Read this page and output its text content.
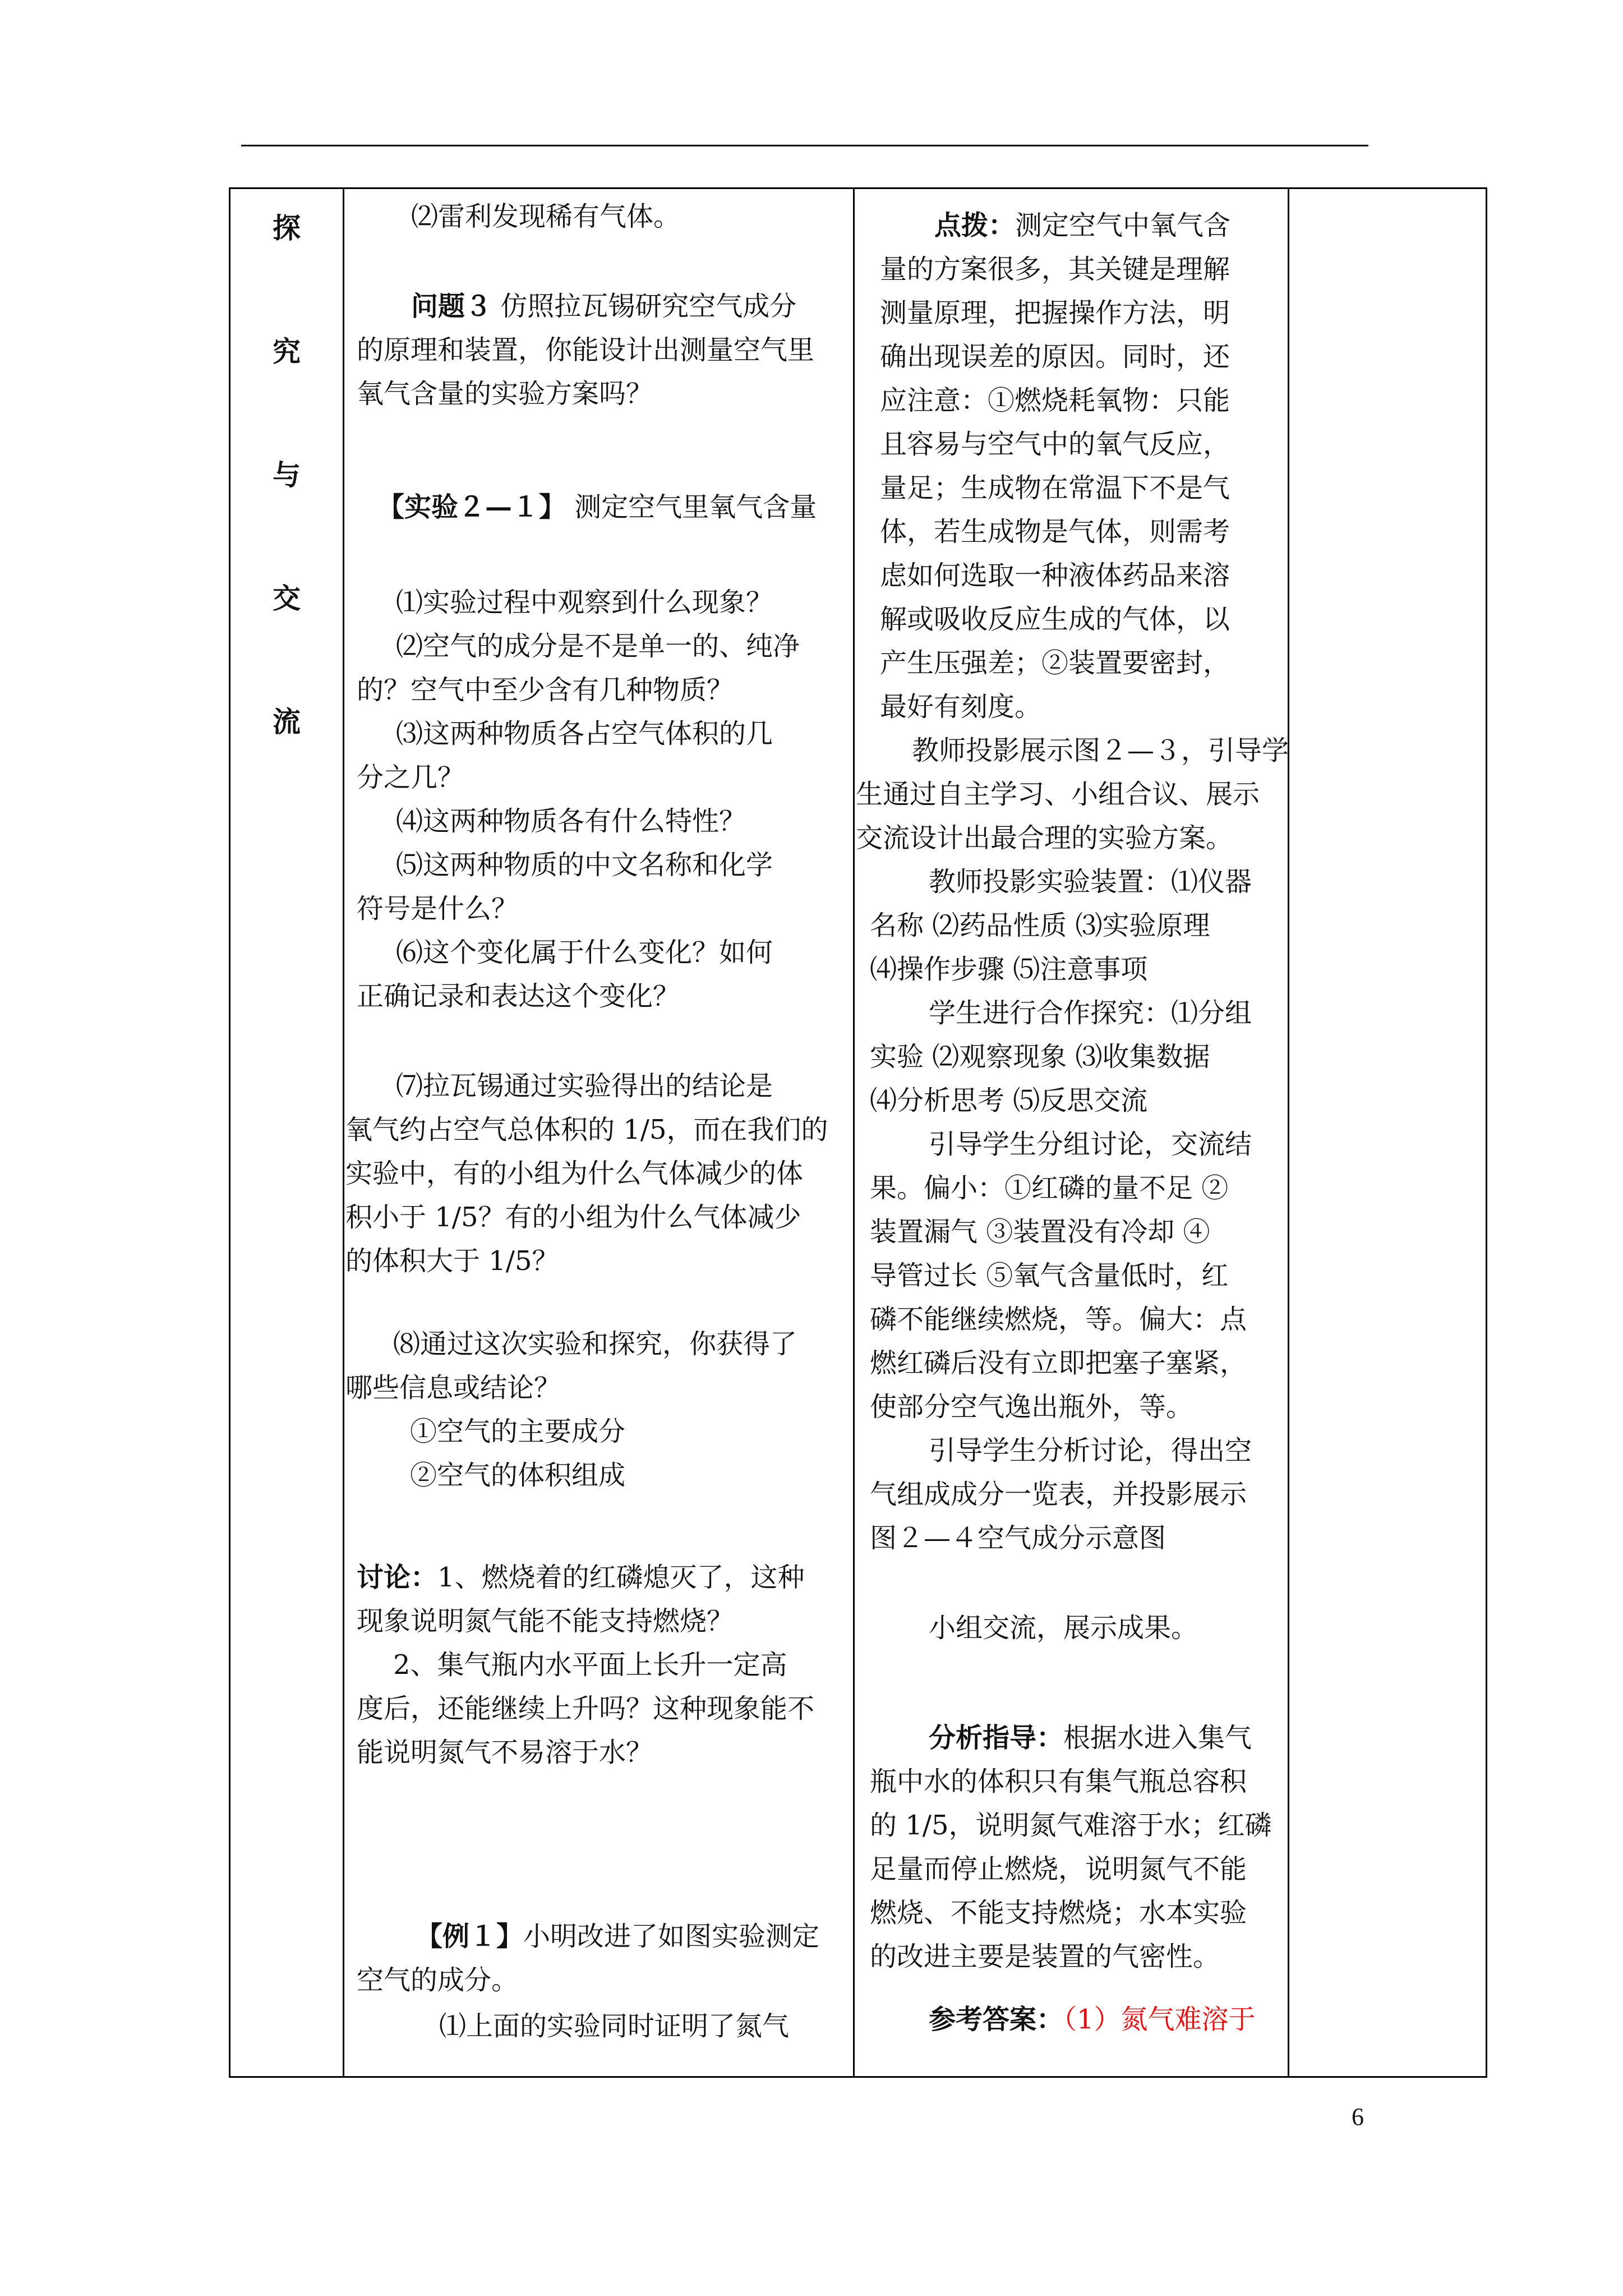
探
究
与
交
流
⑵雷利发现稀有气体。
问题３ 仿照拉瓦锡研究空气成分
的原理和装置，你能设计出测量空气里
氧气含量的实验方案吗？
【实验２—１】 测定空气里氧气含量
⑴实验过程中观察到什么现象？
⑵空气的成分是不是单一的、纯净
的？空气中至少含有几种物质？
⑶这两种物质各占空气体积的几
分之几？
⑷这两种物质各有什么特性？
⑸这两种物质的中文名称和化学
符号是什么？
⑹这个变化属于什么变化？如何
正确记录和表达这个变化？
⑺拉瓦锡通过实验得出的结论是
氧气约占空气总体积的 1/5，而在我们的
实验中，有的小组为什么气体减少的体
积小于 1/5？有的小组为什么气体减少
的体积大于 1/5？
⑻通过这次实验和探究，你获得了
哪些信息或结论？
①空气的主要成分
②空气的体积组成
讨论：1、燃烧着的红磷熄灭了，这种
现象说明氮气能不能支持燃烧？
2、集气瓶内水平面上长升一定高
度后，还能继续上升吗？这种现象能不
能说明氮气不易溶于水？
【例１】小明改进了如图实验测定
空气的成分。
⑴上面的实验同时证明了氮气
点拨：测定空气中氧气含
量的方案很多，其关键是理解
测量原理，把握操作方法，明
确出现误差的原因。同时，还
应注意：①燃烧耗氧物：只能
且容易与空气中的氧气反应，
量足；生成物在常温下不是气
体，若生成物是气体，则需考
虑如何选取一种液体药品来溶
解或吸收反应生成的气体，以
产生压强差；②装置要密封，
最好有刻度。
教师投影展示图２—３，引导学
生通过自主学习、小组合议、展示
交流设计出最合理的实验方案。
教师投影实验装置：⑴仪器
名称 ⑵药品性质 ⑶实验原理
⑷操作步骤 ⑸注意事项
学生进行合作探究：⑴分组
实验 ⑵观察现象 ⑶收集数据
⑷分析思考 ⑸反思交流
引导学生分组讨论，交流结
果。偏小：①红磷的量不足 ②
装置漏气 ③装置没有冷却 ④
导管过长 ⑤氧气含量低时，红
磷不能继续燃烧，等。偏大：点
燃红磷后没有立即把塞子塞紧，
使部分空气逸出瓶外，等。
引导学生分析讨论，得出空
气组成成分一览表，并投影展示
图２—４空气成分示意图
小组交流，展示成果。
分析指导：根据水进入集气
瓶中水的体积只有集气瓶总容积
的 1/5，说明氮气难溶于水；红磷
足量而停止燃烧，说明氮气不能
燃烧、不能支持燃烧；水本实验
的改进主要是装置的气密性。
参考答案：（1）氮气难溶于
6
